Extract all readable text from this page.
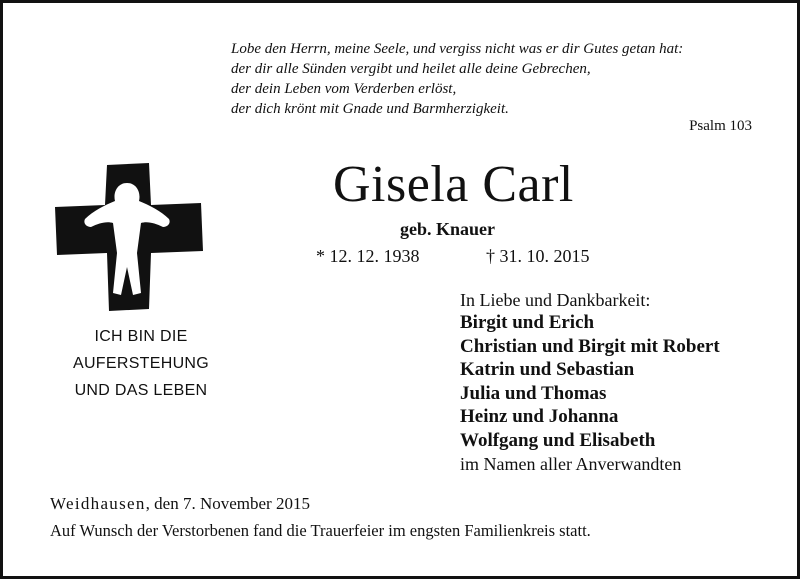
Lobe den Herrn, meine Seele, und vergiss nicht was er dir Gutes getan hat:
der dir alle Sünden vergibt und heilet alle deine Gebrechen,
der dein Leben vom Verderben erlöst,
der dich krönt mit Gnade und Barmherzigkeit.
Psalm 103
Gisela Carl
geb. Knauer
* 12. 12. 1938	† 31. 10. 2015
ICH BIN DIE
AUFERSTEHUNG
UND DAS LEBEN
In Liebe und Dankbarkeit:
Birgit und Erich
Christian und Birgit mit Robert
Katrin und Sebastian
Julia und Thomas
Heinz und Johanna
Wolfgang und Elisabeth
im Namen aller Anverwandten
Weidhausen, den 7. November 2015
Auf Wunsch der Verstorbenen fand die Trauerfeier im engsten Familienkreis statt.
